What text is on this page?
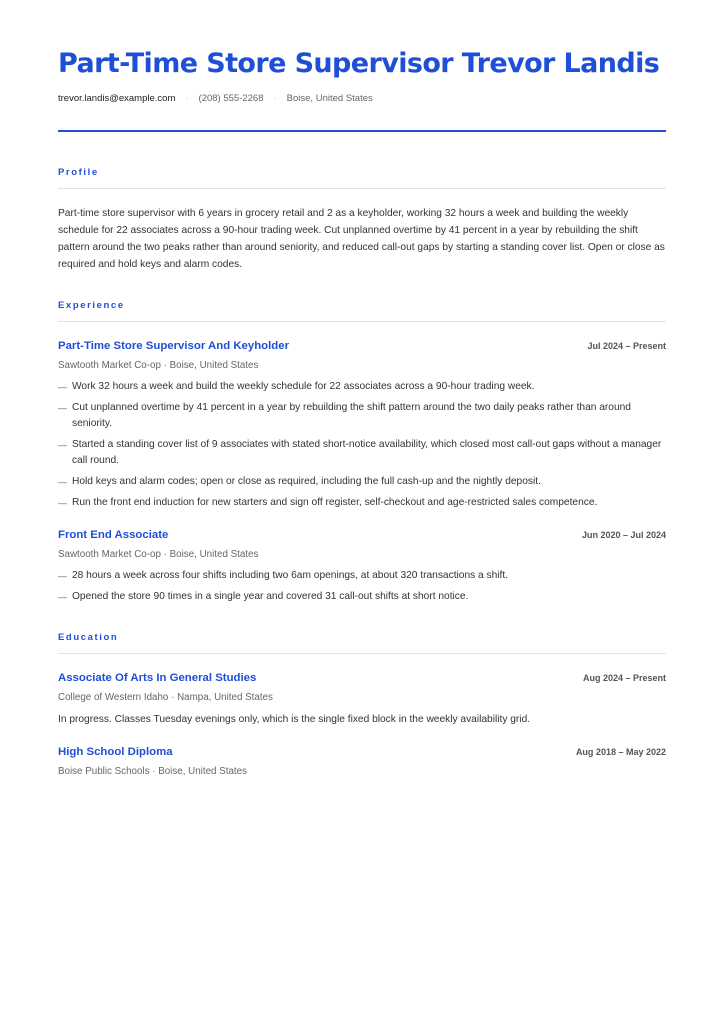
Part-Time Store Supervisor Trevor Landis
trevor.landis@example.com · (208) 555-2268 · Boise, United States
Profile

Part-time store supervisor with 6 years in grocery retail and 2 as a keyholder, working 32 hours a week and building the weekly schedule for 22 associates across a 90-hour trading week. Cut unplanned overtime by 41 percent in a year by rebuilding the shift pattern around the two peaks rather than around seniority, and reduced call-out gaps by starting a standing cover list. Open or close as required and hold keys and alarm codes.

Experience
Part-Time Store Supervisor And Keyholder	Jul 2024 – Present
Sawtooth Market Co-op · Boise, United States
— Work 32 hours a week and build the weekly schedule for 22 associates across a 90-hour trading week.
— Cut unplanned overtime by 41 percent in a year by rebuilding the shift pattern around the two daily peaks rather than around seniority.
— Started a standing cover list of 9 associates with stated short-notice availability, which closed most call-out gaps without a manager call round.
— Hold keys and alarm codes; open or close as required, including the full cash-up and the nightly deposit.
— Run the front end induction for new starters and sign off register, self-checkout and age-restricted sales competence.
Front End Associate	Jun 2020 – Jul 2024
Sawtooth Market Co-op · Boise, United States
— 28 hours a week across four shifts including two 6am openings, at about 320 transactions a shift.
— Opened the store 90 times in a single year and covered 31 call-out shifts at short notice.
Education
Associate Of Arts In General Studies	Aug 2024 – Present
College of Western Idaho · Nampa, United States
In progress. Classes Tuesday evenings only, which is the single fixed block in the weekly availability grid.
High School Diploma	Aug 2018 – May 2022
Boise Public Schools · Boise, United States
